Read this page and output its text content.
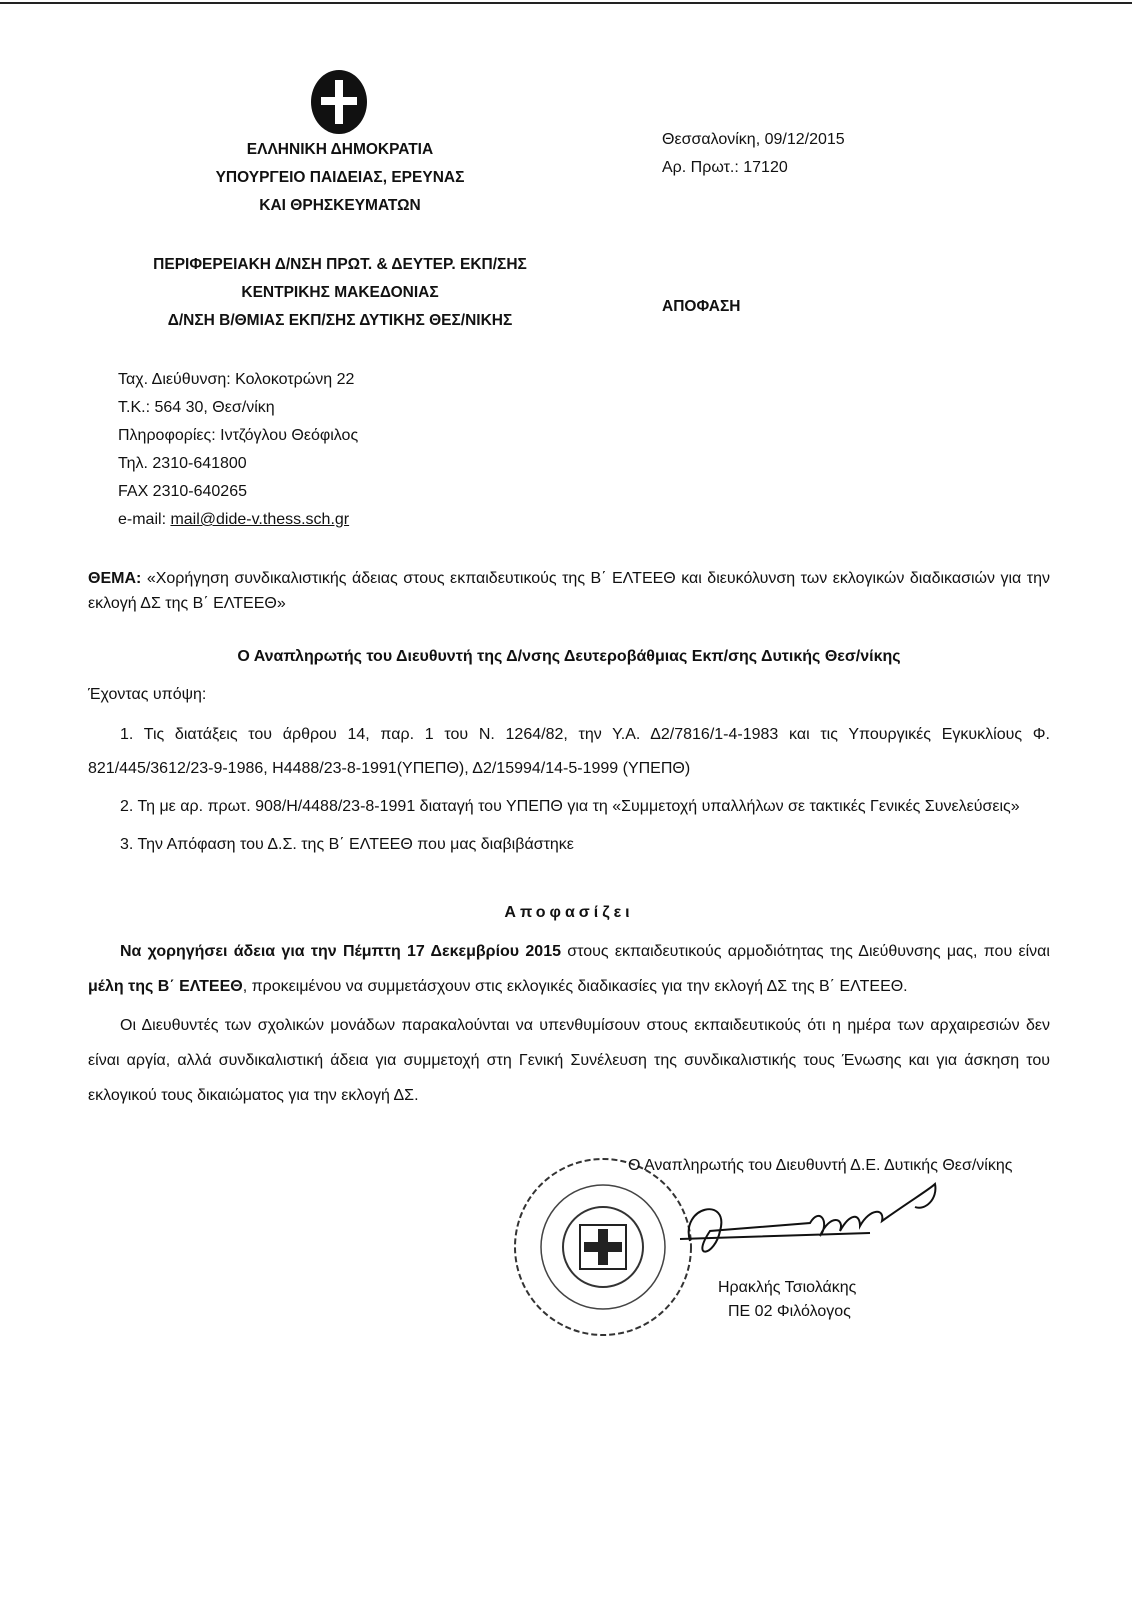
ΕΛΛΗΝΙΚΗ ΔΗΜΟΚΡΑΤΙΑ
ΥΠΟΥΡΓΕΙΟ ΠΑΙΔΕΙΑΣ, ΕΡΕΥΝΑΣ
ΚΑΙ ΘΡΗΣΚΕΥΜΑΤΩΝ
Θεσσαλονίκη, 09/12/2015
Αρ. Πρωτ.: 17120
ΠΕΡΙΦΕΡΕΙΑΚΗ Δ/ΝΣΗ ΠΡΩΤ. & ΔΕΥΤΕΡ. ΕΚΠ/ΣΗΣ
ΚΕΝΤΡΙΚΗΣ ΜΑΚΕΔΟΝΙΑΣ
Δ/ΝΣΗ Β/ΘΜΙΑΣ ΕΚΠ/ΣΗΣ ΔΥΤΙΚΗΣ ΘΕΣ/ΝΙΚΗΣ
ΑΠΟΦΑΣΗ
Ταχ. Διεύθυνση: Κολοκοτρώνη 22
Τ.Κ.: 564 30, Θεσ/νίκη
Πληροφορίες: Ιντζόγλου Θεόφιλος
Τηλ. 2310-641800
FAX 2310-640265
e-mail: mail@dide-v.thess.sch.gr
ΘΕΜΑ: «Χορήγηση συνδικαλιστικής άδειας στους εκπαιδευτικούς της Β΄ ΕΛΤΕΕΘ και διευκόλυνση των εκλογικών διαδικασιών για την εκλογή ΔΣ της Β΄ ΕΛΤΕΕΘ»
Ο Αναπληρωτής του Διευθυντή της Δ/νσης Δευτεροβάθμιας Εκπ/σης Δυτικής Θεσ/νίκης
Έχοντας υπόψη:
1. Τις διατάξεις του άρθρου 14, παρ. 1 του Ν. 1264/82, την Υ.Α. Δ2/7816/1-4-1983 και τις Υπουργικές Εγκυκλίους Φ. 821/445/3612/23-9-1986, Η4488/23-8-1991(ΥΠΕΠΘ), Δ2/15994/14-5-1999 (ΥΠΕΠΘ)
2. Τη με αρ. πρωτ. 908/Η/4488/23-8-1991 διαταγή του ΥΠΕΠΘ για τη «Συμμετοχή υπαλλήλων σε τακτικές Γενικές Συνελεύσεις»
3. Την Απόφαση του Δ.Σ. της Β΄ ΕΛΤΕΕΘ που μας διαβιβάστηκε
Αποφασίζει
Να χορηγήσει άδεια για την Πέμπτη 17 Δεκεμβρίου 2015 στους εκπαιδευτικούς αρμοδιότητας της Διεύθυνσης μας, που είναι μέλη της Β΄ ΕΛΤΕΕΘ, προκειμένου να συμμετάσχουν στις εκλογικές διαδικασίες για την εκλογή ΔΣ της Β΄ ΕΛΤΕΕΘ.
Οι Διευθυντές των σχολικών μονάδων παρακαλούνται να υπενθυμίσουν στους εκπαιδευτικούς ότι η ημέρα των αρχαιρεσιών δεν είναι αργία, αλλά συνδικαλιστική άδεια για συμμετοχή στη Γενική Συνέλευση της συνδικαλιστικής τους Ένωσης και για άσκηση του εκλογικού τους δικαιώματος για την εκλογή ΔΣ.
Ο Αναπληρωτής του Διευθυντή Δ.Ε. Δυτικής Θεσ/νίκης
Ηρακλής Τσιολάκης
ΠΕ 02 Φιλόλογος
